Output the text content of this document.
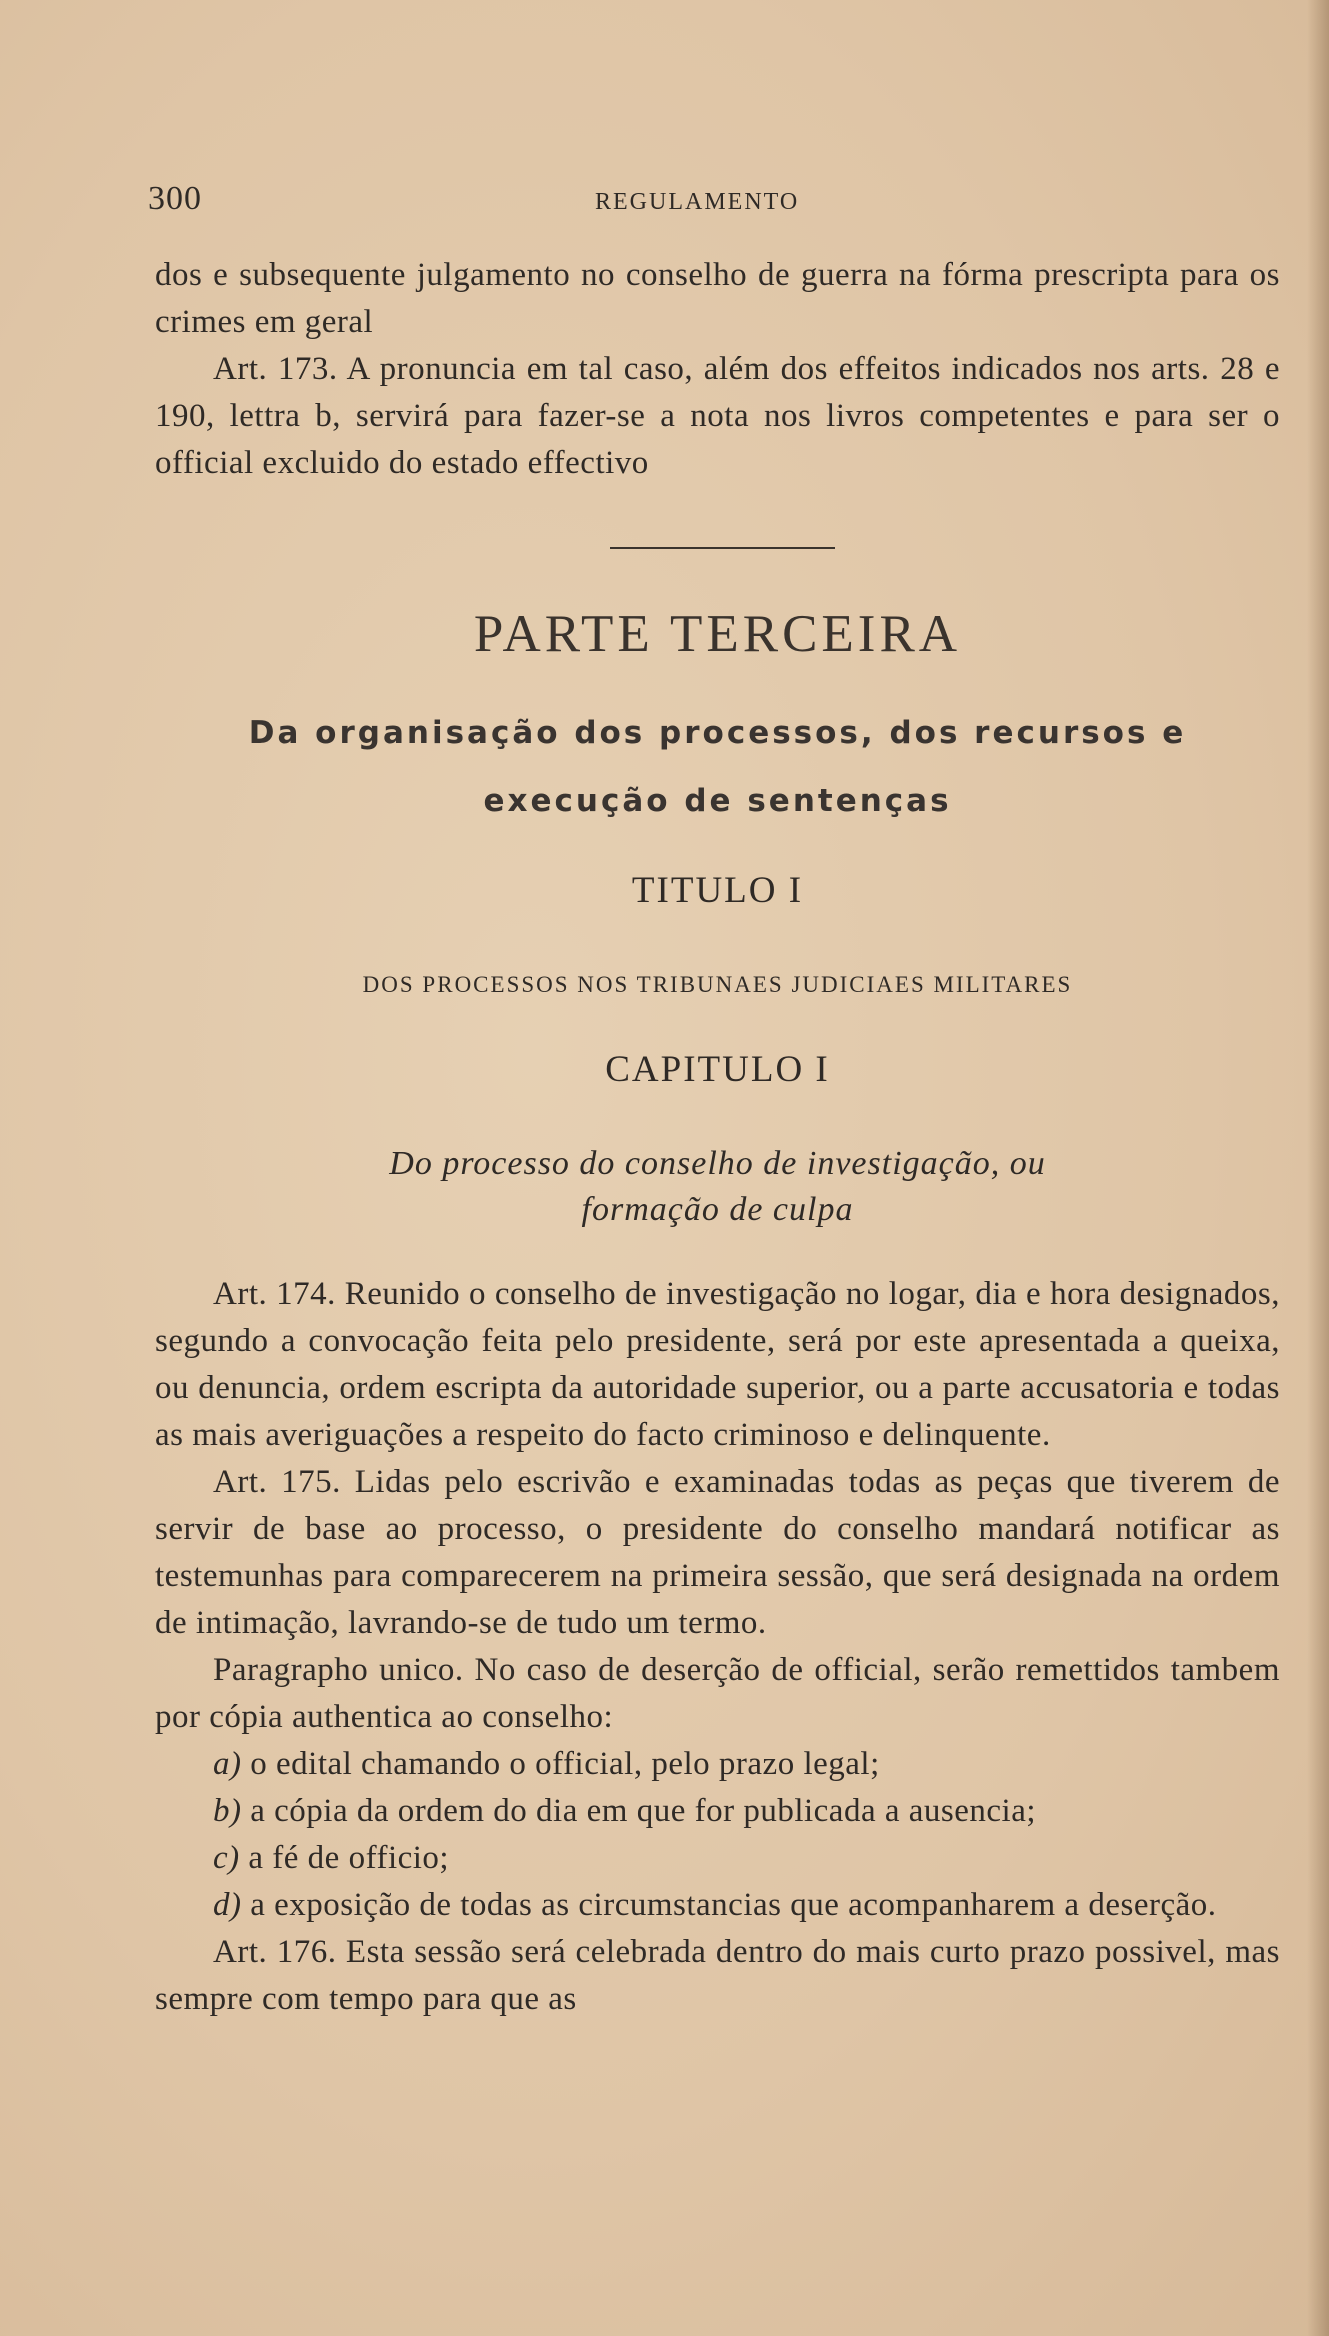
300	REGULAMENTO

dos e subsequente julgamento no conselho de guerra na fórma prescripta para os crimes em geral

Art. 173. A pronuncia em tal caso, além dos effeitos indicados nos arts. 28 e 190, lettra b, servirá para fazer-se a nota nos livros competentes e para ser o official excluido do estado effectivo

PARTE TERCEIRA
Da organisação dos processos, dos recursos e
execução de sentenças
TITULO I
DOS PROCESSOS NOS TRIBUNAES JUDICIAES MILITARES
CAPITULO I
Do processo do conselho de investigação, ou
formação de culpa

Art. 174. Reunido o conselho de investigação no logar, dia e hora designados, segundo a convocação feita pelo presidente, será por este apresentada a queixa, ou denuncia, ordem escripta da autoridade superior, ou a parte accusatoria e todas as mais averiguações a respeito do facto criminoso e delinquente.

Art. 175. Lidas pelo escrivão e examinadas todas as peças que tiverem de servir de base ao processo, o presidente do conselho mandará notificar as testemunhas para comparecerem na primeira sessão, que será designada na ordem de intimação, lavrando-se de tudo um termo.

Paragrapho unico. No caso de deserção de official, serão remettidos tambem por cópia authentica ao conselho:

a) o edital chamando o official, pelo prazo legal;

b) a cópia da ordem do dia em que for publicada a ausencia;

c) a fé de officio;

d) a exposição de todas as circumstancias que acompanharem a deserção.

Art. 176. Esta sessão será celebrada dentro do mais curto prazo possivel, mas sempre com tempo para que as
